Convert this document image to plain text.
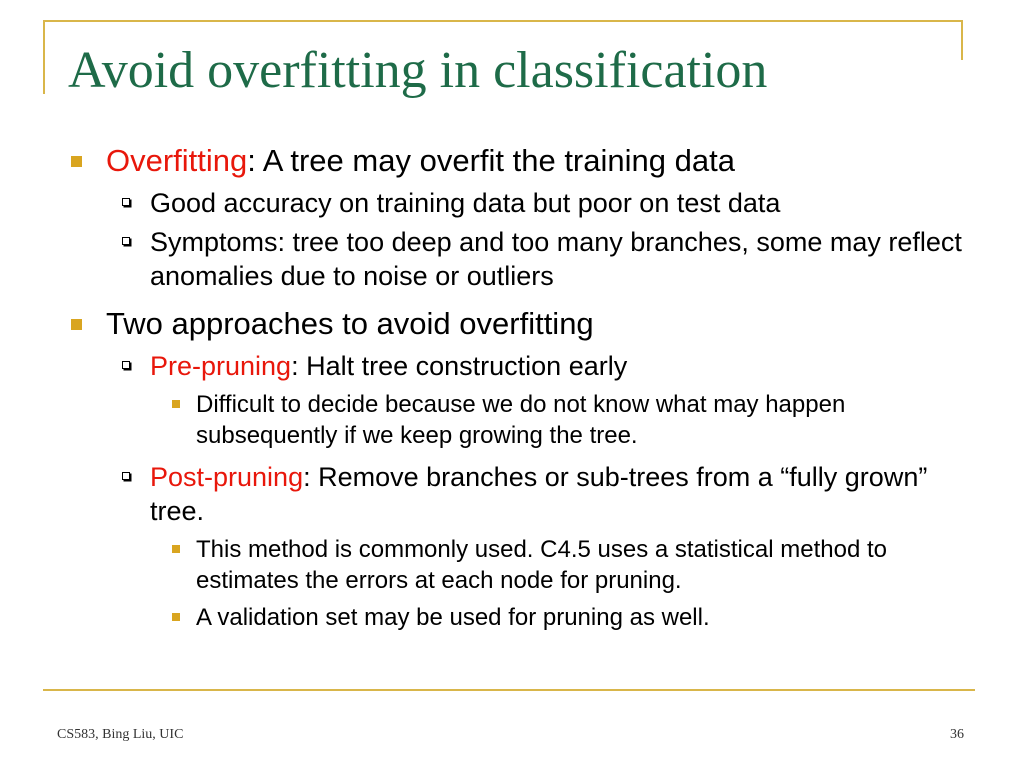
Avoid overfitting in classification
Overfitting: A tree may overfit the training data
Good accuracy on training data but poor on test data
Symptoms: tree too deep and too many branches, some may reflect anomalies due to noise or outliers
Two approaches to avoid overfitting
Pre-pruning: Halt tree construction early
Difficult to decide because we do not know what may happen subsequently if we keep growing the tree.
Post-pruning: Remove branches or sub-trees from a “fully grown” tree.
This method is commonly used. C4.5 uses a statistical method to estimates the errors at each node for pruning.
A validation set may be used for pruning as well.
CS583, Bing Liu, UIC	36
